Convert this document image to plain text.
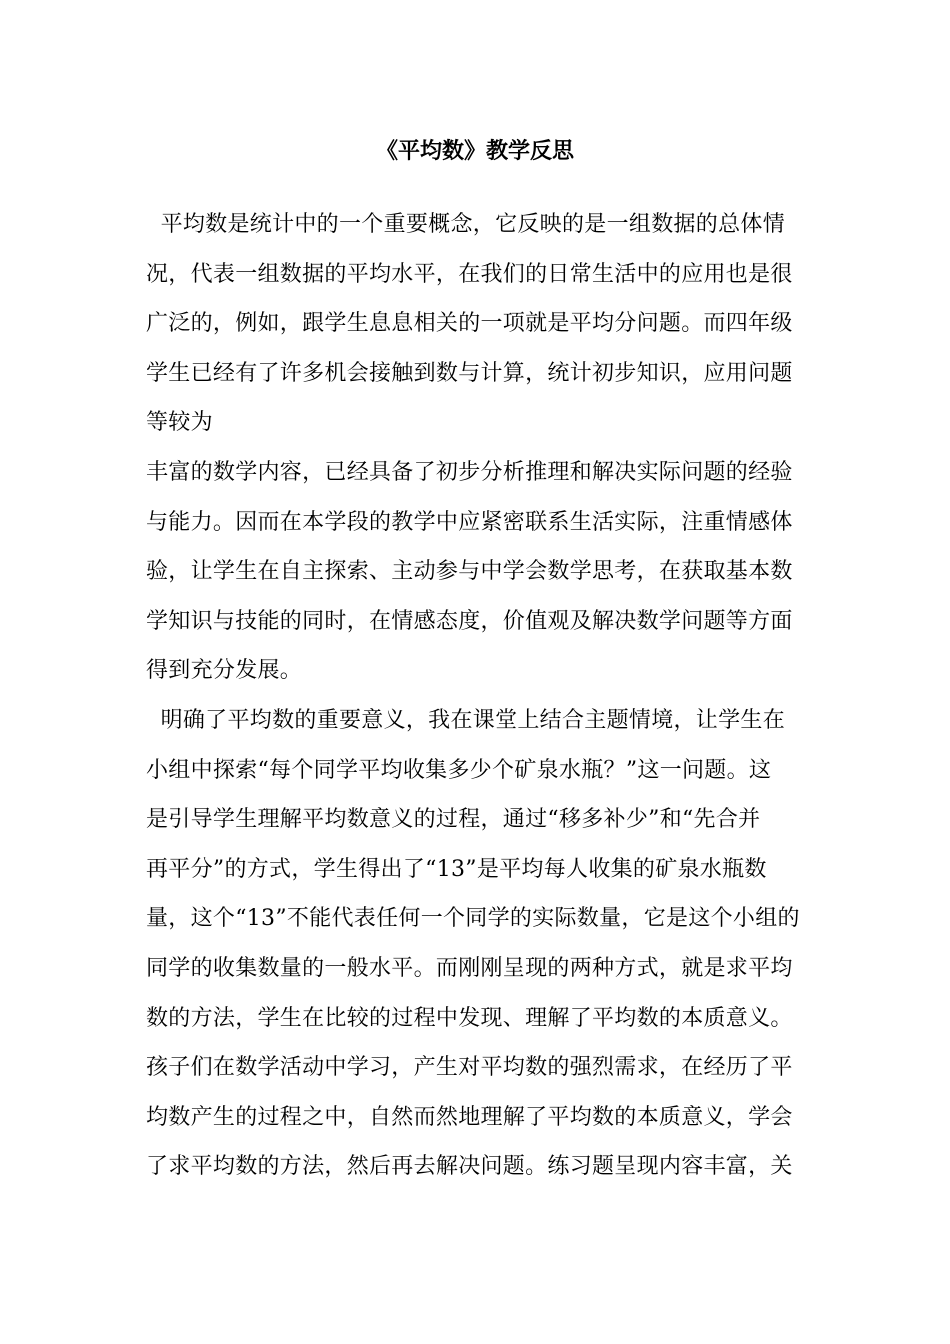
《平均数》教学反思
平均数是统计中的一个重要概念，它反映的是一组数据的总体情
况，代表一组数据的平均水平，在我们的日常生活中的应用也是很
广泛的，例如，跟学生息息相关的一项就是平均分问题。而四年级
学生已经有了许多机会接触到数与计算，统计初步知识，应用问题
等较为
丰富的数学内容，已经具备了初步分析推理和解决实际问题的经验
与能力。因而在本学段的教学中应紧密联系生活实际，注重情感体
验，让学生在自主探索、主动参与中学会数学思考，在获取基本数
学知识与技能的同时，在情感态度，价值观及解决数学问题等方面
得到充分发展。
明确了平均数的重要意义，我在课堂上结合主题情境，让学生在
小组中探索“每个同学平均收集多少个矿泉水瓶？”这一问题。这
是引导学生理解平均数意义的过程，通过“移多补少”和“先合并
再平分”的方式，学生得出了“13”是平均每人收集的矿泉水瓶数
量，这个“13”不能代表任何一个同学的实际数量，它是这个小组的
同学的收集数量的一般水平。而刚刚呈现的两种方式，就是求平均
数的方法，学生在比较的过程中发现、理解了平均数的本质意义。
孩子们在数学活动中学习，产生对平均数的强烈需求，在经历了平
均数产生的过程之中，自然而然地理解了平均数的本质意义，学会
了求平均数的方法，然后再去解决问题。练习题呈现内容丰富，关
